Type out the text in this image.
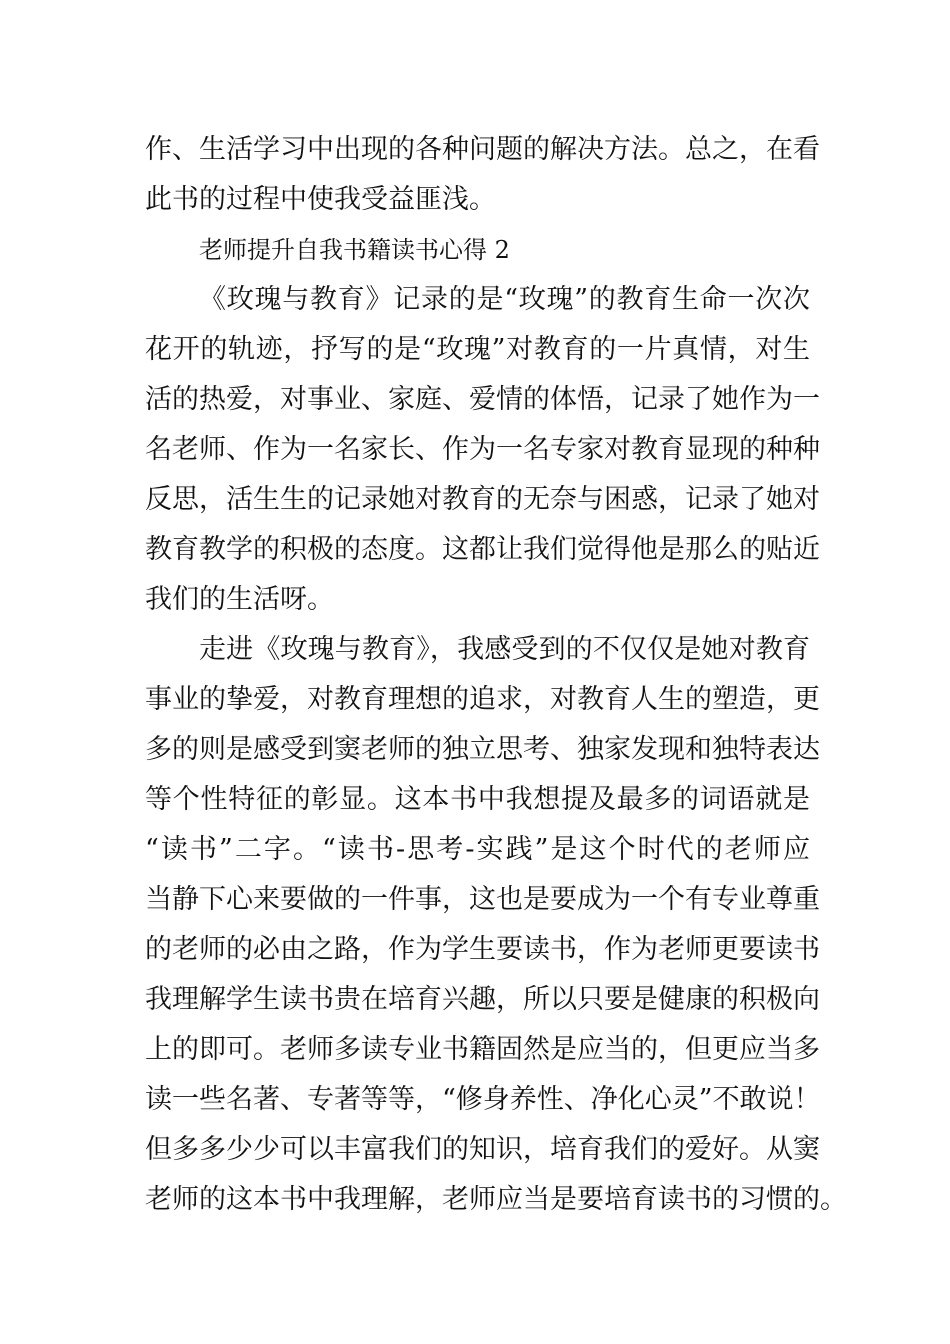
作、生活学习中出现的各种问题的解决方法。总之，在看
此书的过程中使我受益匪浅。
老师提升自我书籍读书心得 2
《玫瑰与教育》记录的是“玫瑰”的教育生命一次次
花开的轨迹，抒写的是“玫瑰”对教育的一片真情，对生
活的热爱，对事业、家庭、爱情的体悟，记录了她作为一
名老师、作为一名家长、作为一名专家对教育显现的种种
反思，活生生的记录她对教育的无奈与困惑，记录了她对
教育教学的积极的态度。这都让我们觉得他是那么的贴近
我们的生活呀。
走进《玫瑰与教育》，我感受到的不仅仅是她对教育
事业的挚爱，对教育理想的追求，对教育人生的塑造，更
多的则是感受到窦老师的独立思考、独家发现和独特表达
等个性特征的彰显。这本书中我想提及最多的词语就是
“读书”二字。“读书-思考-实践”是这个时代的老师应
当静下心来要做的一件事，这也是要成为一个有专业尊重
的老师的必由之路，作为学生要读书，作为老师更要读书
我理解学生读书贵在培育兴趣，所以只要是健康的积极向
上的即可。老师多读专业书籍固然是应当的，但更应当多
读一些名著、专著等等，“修身养性、净化心灵”不敢说！
但多多少少可以丰富我们的知识，培育我们的爱好。从窦
老师的这本书中我理解，老师应当是要培育读书的习惯的。
